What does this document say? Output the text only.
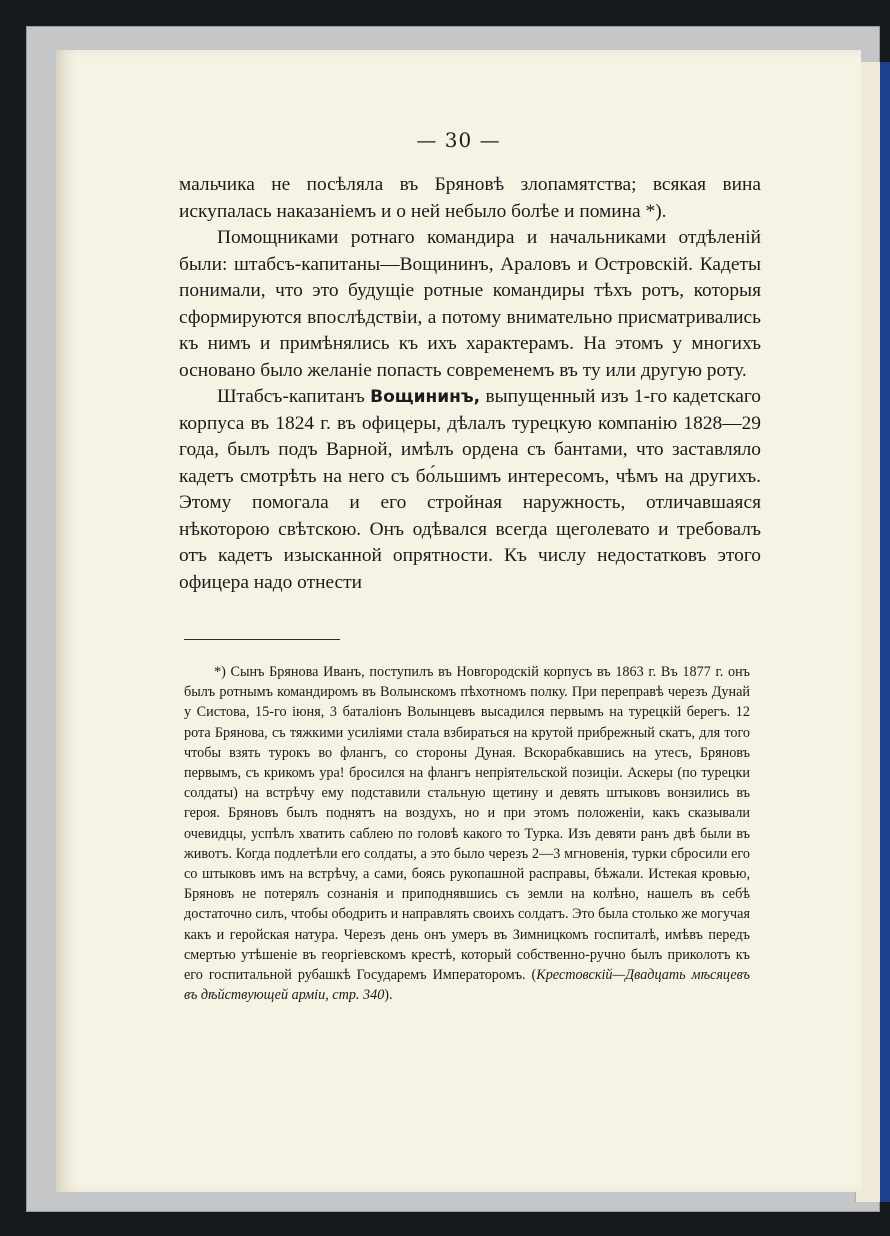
— 30 —

мальчика не посѣляла въ Бряновѣ злопамятства; всякая вина искупалась наказаніемъ и о ней небыло болѣе и помина *).

Помощниками ротнаго командира и начальниками отдѣленій были: штабсъ-капитаны—Вощининъ, Араловъ и Островскій. Кадеты понимали, что это будущіе ротные командиры тѣхъ ротъ, которыя сформируются впослѣдствіи, а потому внимательно присматривались къ нимъ и примѣнялись къ ихъ характерамъ. На этомъ у многихъ основано было желаніе попасть современемъ въ ту или другую роту.

Штабсъ-капитанъ Вощининъ, выпущенный изъ 1-го кадетскаго корпуса въ 1824 г. въ офицеры, дѣлалъ турецкую компанію 1828—29 года, былъ подъ Варной, имѣлъ ордена съ бантами, что заставляло кадетъ смотрѣть на него съ бо́льшимъ интересомъ, чѣмъ на другихъ. Этому помогала и его стройная наружность, отличавшаяся нѣкоторою свѣтскою. Онъ одѣвался всегда щеголевато и требовалъ отъ кадетъ изысканной опрятности. Къ числу недостатковъ этого офицера надо отнести

*) Сынъ Брянова Иванъ, поступилъ въ Новгородскій корпусъ въ 1863 г. Въ 1877 г. онъ былъ ротнымъ командиромъ въ Волынскомъ пѣхотномъ полку. При переправѣ черезъ Дунай у Систова, 15-го іюня, 3 баталіонъ Волынцевъ высадился первымъ на турецкій берегъ. 12 рота Брянова, съ тяжкими усиліями стала взбираться на крутой прибрежный скатъ, для того чтобы взять турокъ во флангъ, со стороны Дуная. Вскорабкавшись на утесъ, Бряновъ первымъ, съ крикомъ ура! бросился на флангъ непріятельской позиціи. Аскеры (по турецки солдаты) на встрѣчу ему подставили стальную щетину и девять штыковъ вонзились въ героя. Бряновъ былъ поднятъ на воздухъ, но и при этомъ положеніи, какъ сказывали очевидцы, успѣлъ хватить саблею по головѣ какого то Турка. Изъ девяти ранъ двѣ были въ животъ. Когда подлетѣли его солдаты, а это было черезъ 2—3 мгновенія, турки сбросили его со штыковъ имъ на встрѣчу, а сами, боясь рукопашной расправы, бѣжали. Истекая кровью, Бряновъ не потерялъ сознанія и приподнявшись съ земли на колѣно, нашелъ въ себѣ достаточно силъ, чтобы ободрить и направлять своихъ солдатъ. Это была столько же могучая какъ и геройская натура. Черезъ день онъ умеръ въ Зимницкомъ госпиталѣ, имѣвъ передъ смертью утѣшеніе въ георгіевскомъ крестѣ, который собственно-ручно былъ приколотъ къ его госпитальной рубашкѣ Государемъ Императоромъ. (Крестовскій—Двадцать мѣсяцевъ въ дѣйствующей арміи, стр. 340).
